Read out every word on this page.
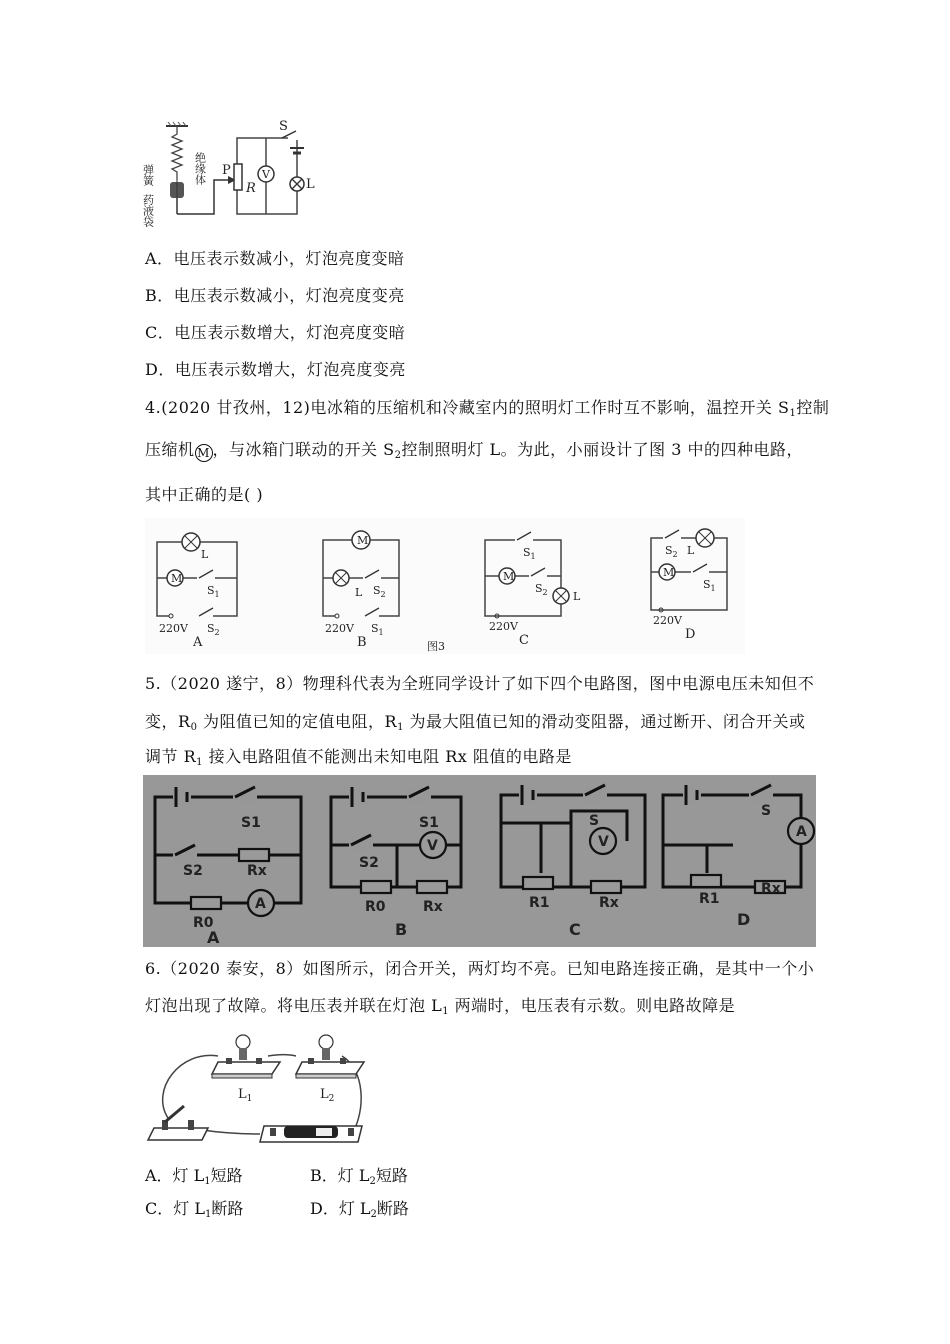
弹簧	绝缘体
药液袋
P
R
V
S
L
A．电压表示数减小，灯泡亮度变暗
B．电压表示数减小，灯泡亮度变亮
C．电压表示数增大，灯泡亮度变暗
D．电压表示数增大，灯泡亮度变亮
4.(2020 甘孜州，12)电冰箱的压缩机和冷藏室内的照明灯工作时互不影响，温控开关 $S_1$控制
压缩机 M ，与冰箱门联动的开关 $S_2$控制照明灯 L。为此，小丽设计了图 3 中的四种电路，
其中正确的是( )
L
M
$S_1$
$S_2$
220V
A
M
L $S_2$
$S_1$
220V
B
$S_1$
M
$S_2$ L
220V
C
$S_2$ L
M
$S_1$
220V
D
图3
5.（2020 遂宁，8）物理科代表为全班同学设计了如下四个电路图，图中电源电压未知但不
变，$R_0$ 为阻值已知的定值电阻，$R_1$ 为最大阻值已知的滑动变阻器，通过断开、闭合开关或
调节 $R_1$ 接入电路阻值不能测出未知电阻 Rx 阻值的电路是
S1
S2	Rx
R0
A
A
S1
S2
V
R0	Rx
B
S
V
R1	Rx
C
S
A
R1
Rx
D
6.（2020 泰安，8）如图所示，闭合开关，两灯均不亮。已知电路连接正确，是其中一个小
灯泡出现了故障。将电压表并联在灯泡 $L_1$ 两端时，电压表有示数。则电路故障是
$L_1$	$L_2$
A．灯 $L_1$短路	B．灯 $L_2$短路
C．灯 $L_1$断路	D．灯 $L_2$断路
